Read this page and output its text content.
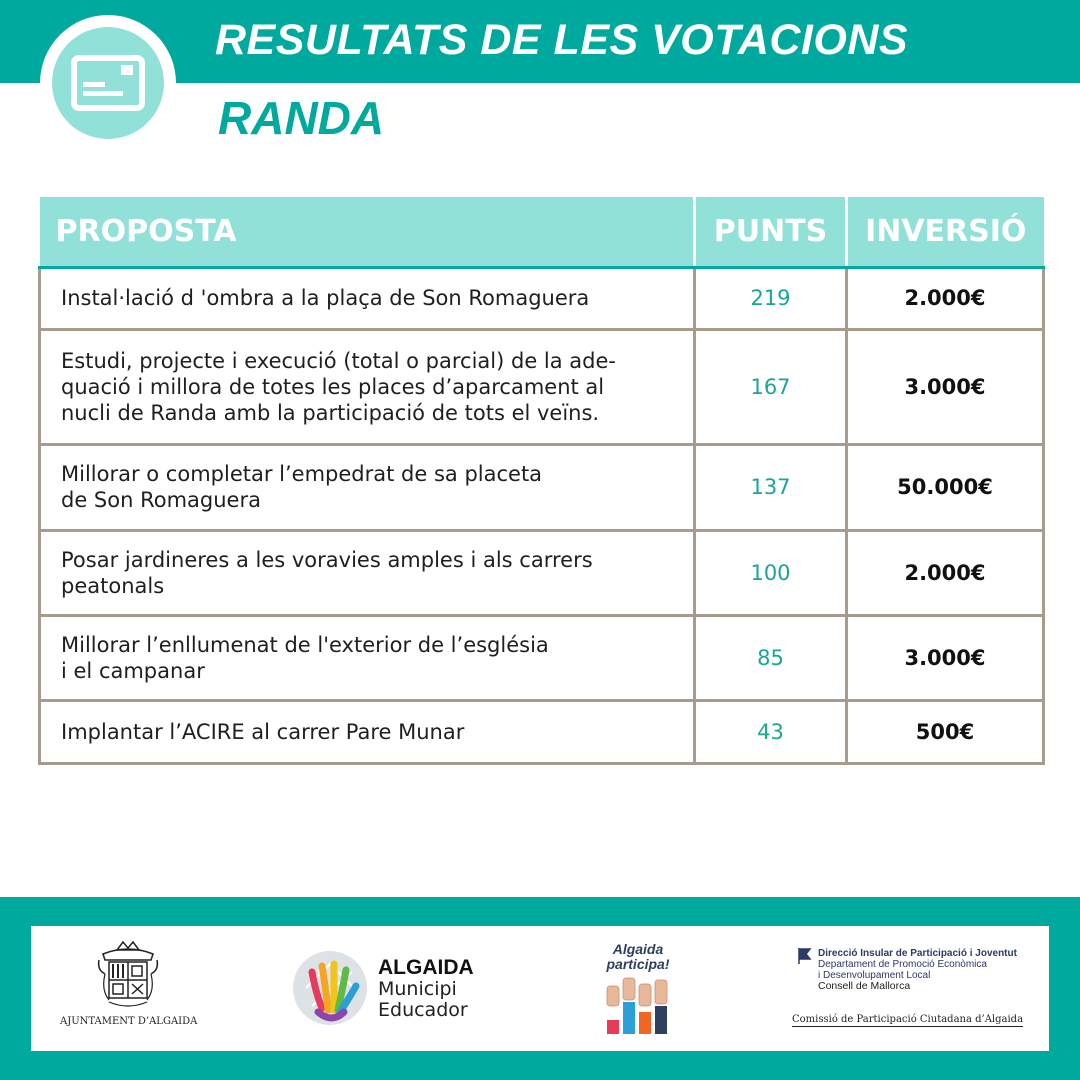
RESULTATS DE LES VOTACIONS
RANDA
PROPOSTA	PUNTS	INVERSIÓ
Instal·lació d 'ombra a la plaça de Son Romaguera	219	2.000€
Estudi, projecte i execució (total o parcial) de la ade-
quació i millora de totes les places d’aparcament al
nucli de Randa amb la participació de tots el veïns.	167	3.000€
Millorar o completar l’empedrat de sa placeta
de Son Romaguera	137	50.000€
Posar jardineres a les voravies amples i als carrers
peatonals	100	2.000€
Millorar l’enllumenat de l'exterior de l’església
i el campanar	85	3.000€
Implantar l’ACIRE al carrer Pare Munar	43	500€
AJUNTAMENT D’ALGAIDA
ALGAIDA
Municipi
Educador
Algaida
participa!
Direcció Insular de Participació i Joventut
Departament de Promoció Econòmica
i Desenvolupament Local
Consell de Mallorca
Comissió de Participació Ciutadana d’Algaida
